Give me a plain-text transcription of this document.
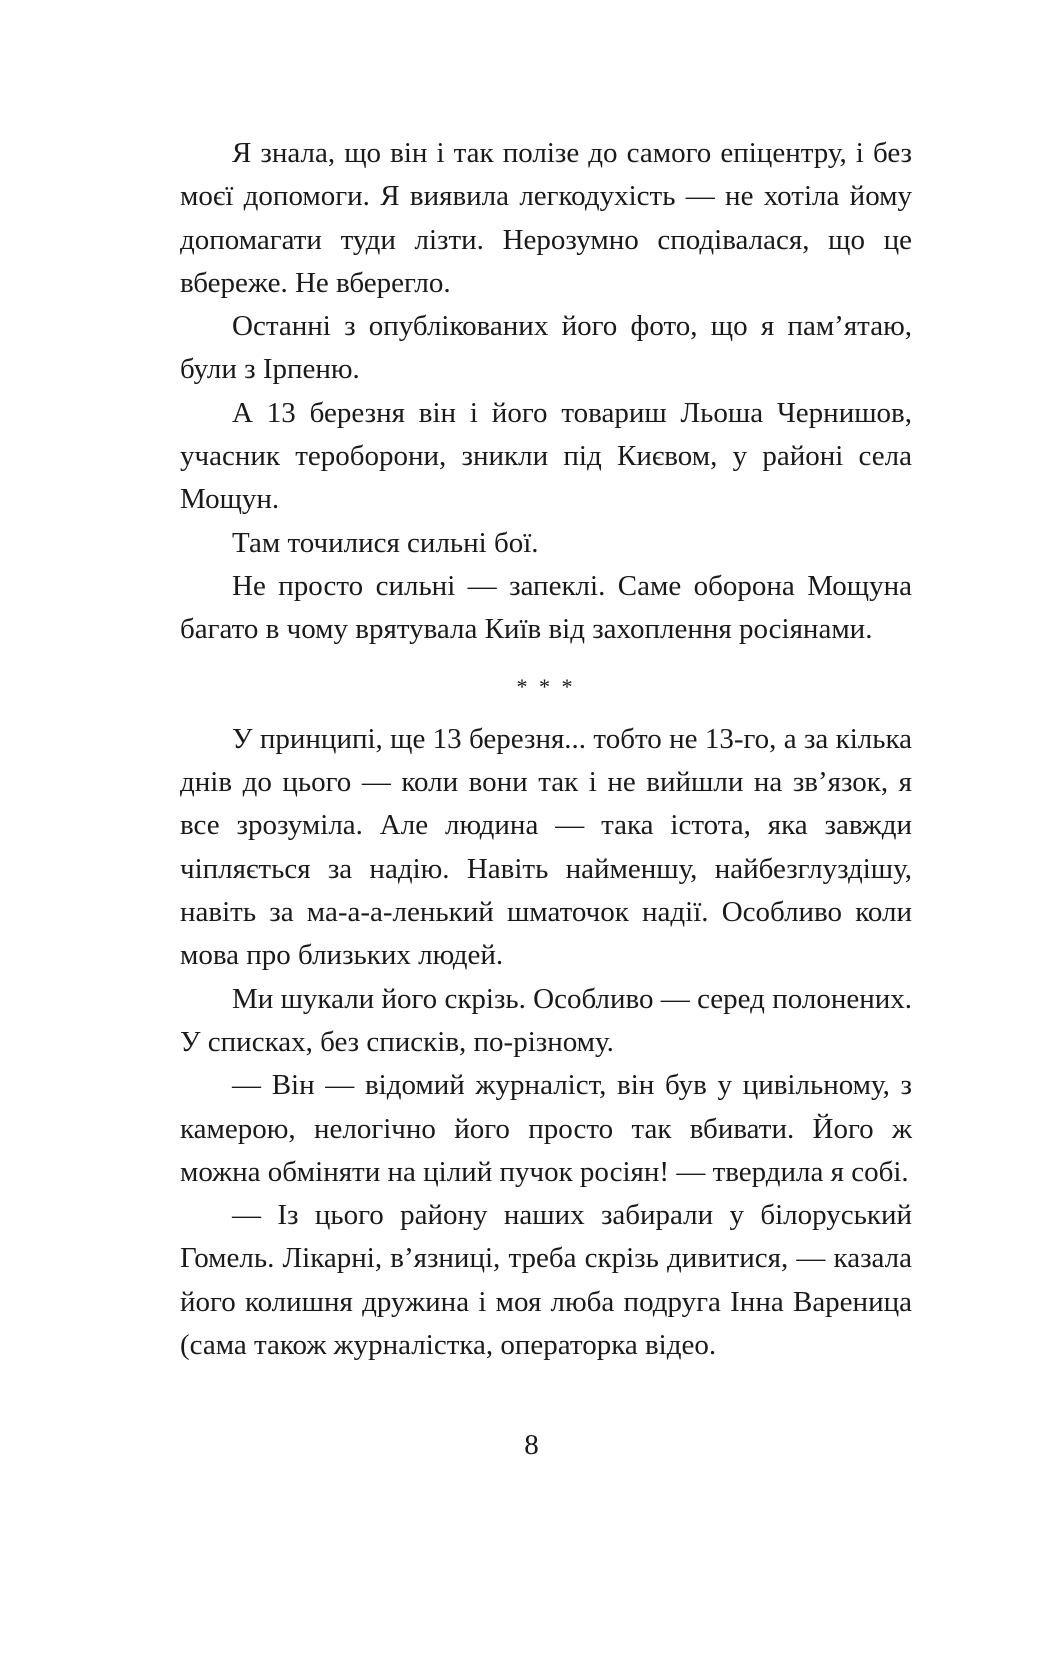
Я знала, що він і так полізе до самого епіцентру, і без моєї допомоги. Я виявила легкодухість — не хотіла йому допомагати туди лізти. Нерозумно сподівалася, що це вбереже. Не вберегло.

Останні з опублікованих його фото, що я пам’ятаю, були з Ірпеню.

А 13 березня він і його товариш Льоша Чернишов, учасник тероборони, зникли під Києвом, у районі села Мощун.

Там точилися сильні бої.

Не просто сильні — запеклі. Саме оборона Мощуна багато в чому врятувала Київ від захоплення росіянами.

* * *

У принципі, ще 13 березня... тобто не 13-го, а за кілька днів до цього — коли вони так і не вийшли на зв’язок, я все зрозуміла. Але людина — така істота, яка завжди чіпляється за надію. Навіть найменшу, найбезглуздішу, навіть за ма-а-а-ленький шматочок надії. Особливо коли мова про близьких людей.

Ми шукали його скрізь. Особливо — серед полонених. У списках, без списків, по-різному.

— Він — відомий журналіст, він був у цивільному, з камерою, нелогічно його просто так вбивати. Його ж можна обміняти на цілий пучок росіян! — твердила я собі.

— Із цього району наших забирали у білоруський Гомель. Лікарні, в’язниці, треба скрізь дивитися, — казала його колишня дружина і моя люба подруга Інна Вареница (сама також журналістка, операторка відео.

8
